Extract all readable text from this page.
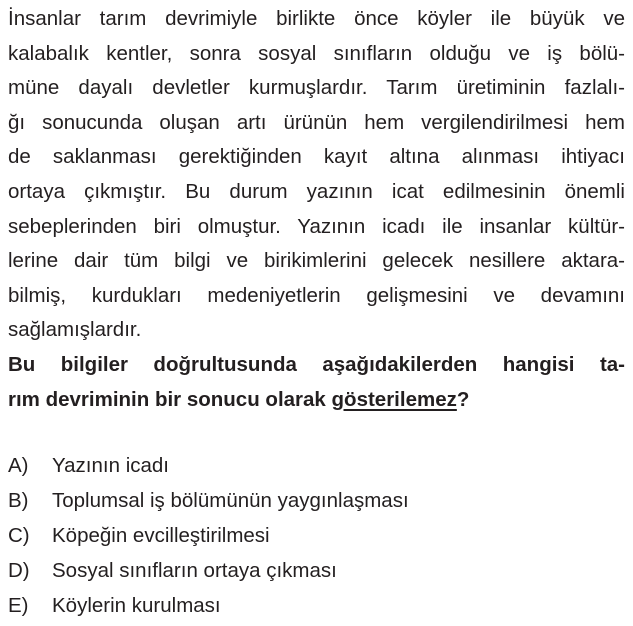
İnsanlar tarım devrimiyle birlikte önce köyler ile büyük ve
kalabalık kentler, sonra sosyal sınıfların olduğu ve iş bölü-
müne dayalı devletler kurmuşlardır. Tarım üretiminin fazlalı-
ğı sonucunda oluşan artı ürünün hem vergilendirilmesi hem
de saklanması gerektiğinden kayıt altına alınması ihtiyacı
ortaya çıkmıştır. Bu durum yazının icat edilmesinin önemli
sebeplerinden biri olmuştur. Yazının icadı ile insanlar kültür-
lerine dair tüm bilgi ve birikimlerini gelecek nesillere aktara-
bilmiş, kurdukları medeniyetlerin gelişmesini ve devamını
sağlamışlardır.
Bu bilgiler doğrultusunda aşağıdakilerden hangisi ta-
rım devriminin bir sonucu olarak gösterilemez?
A)	Yazının icadı
B)	Toplumsal iş bölümünün yaygınlaşması
C)	Köpeğin evcilleştirilmesi
D)	Sosyal sınıfların ortaya çıkması
E)	Köylerin kurulması
